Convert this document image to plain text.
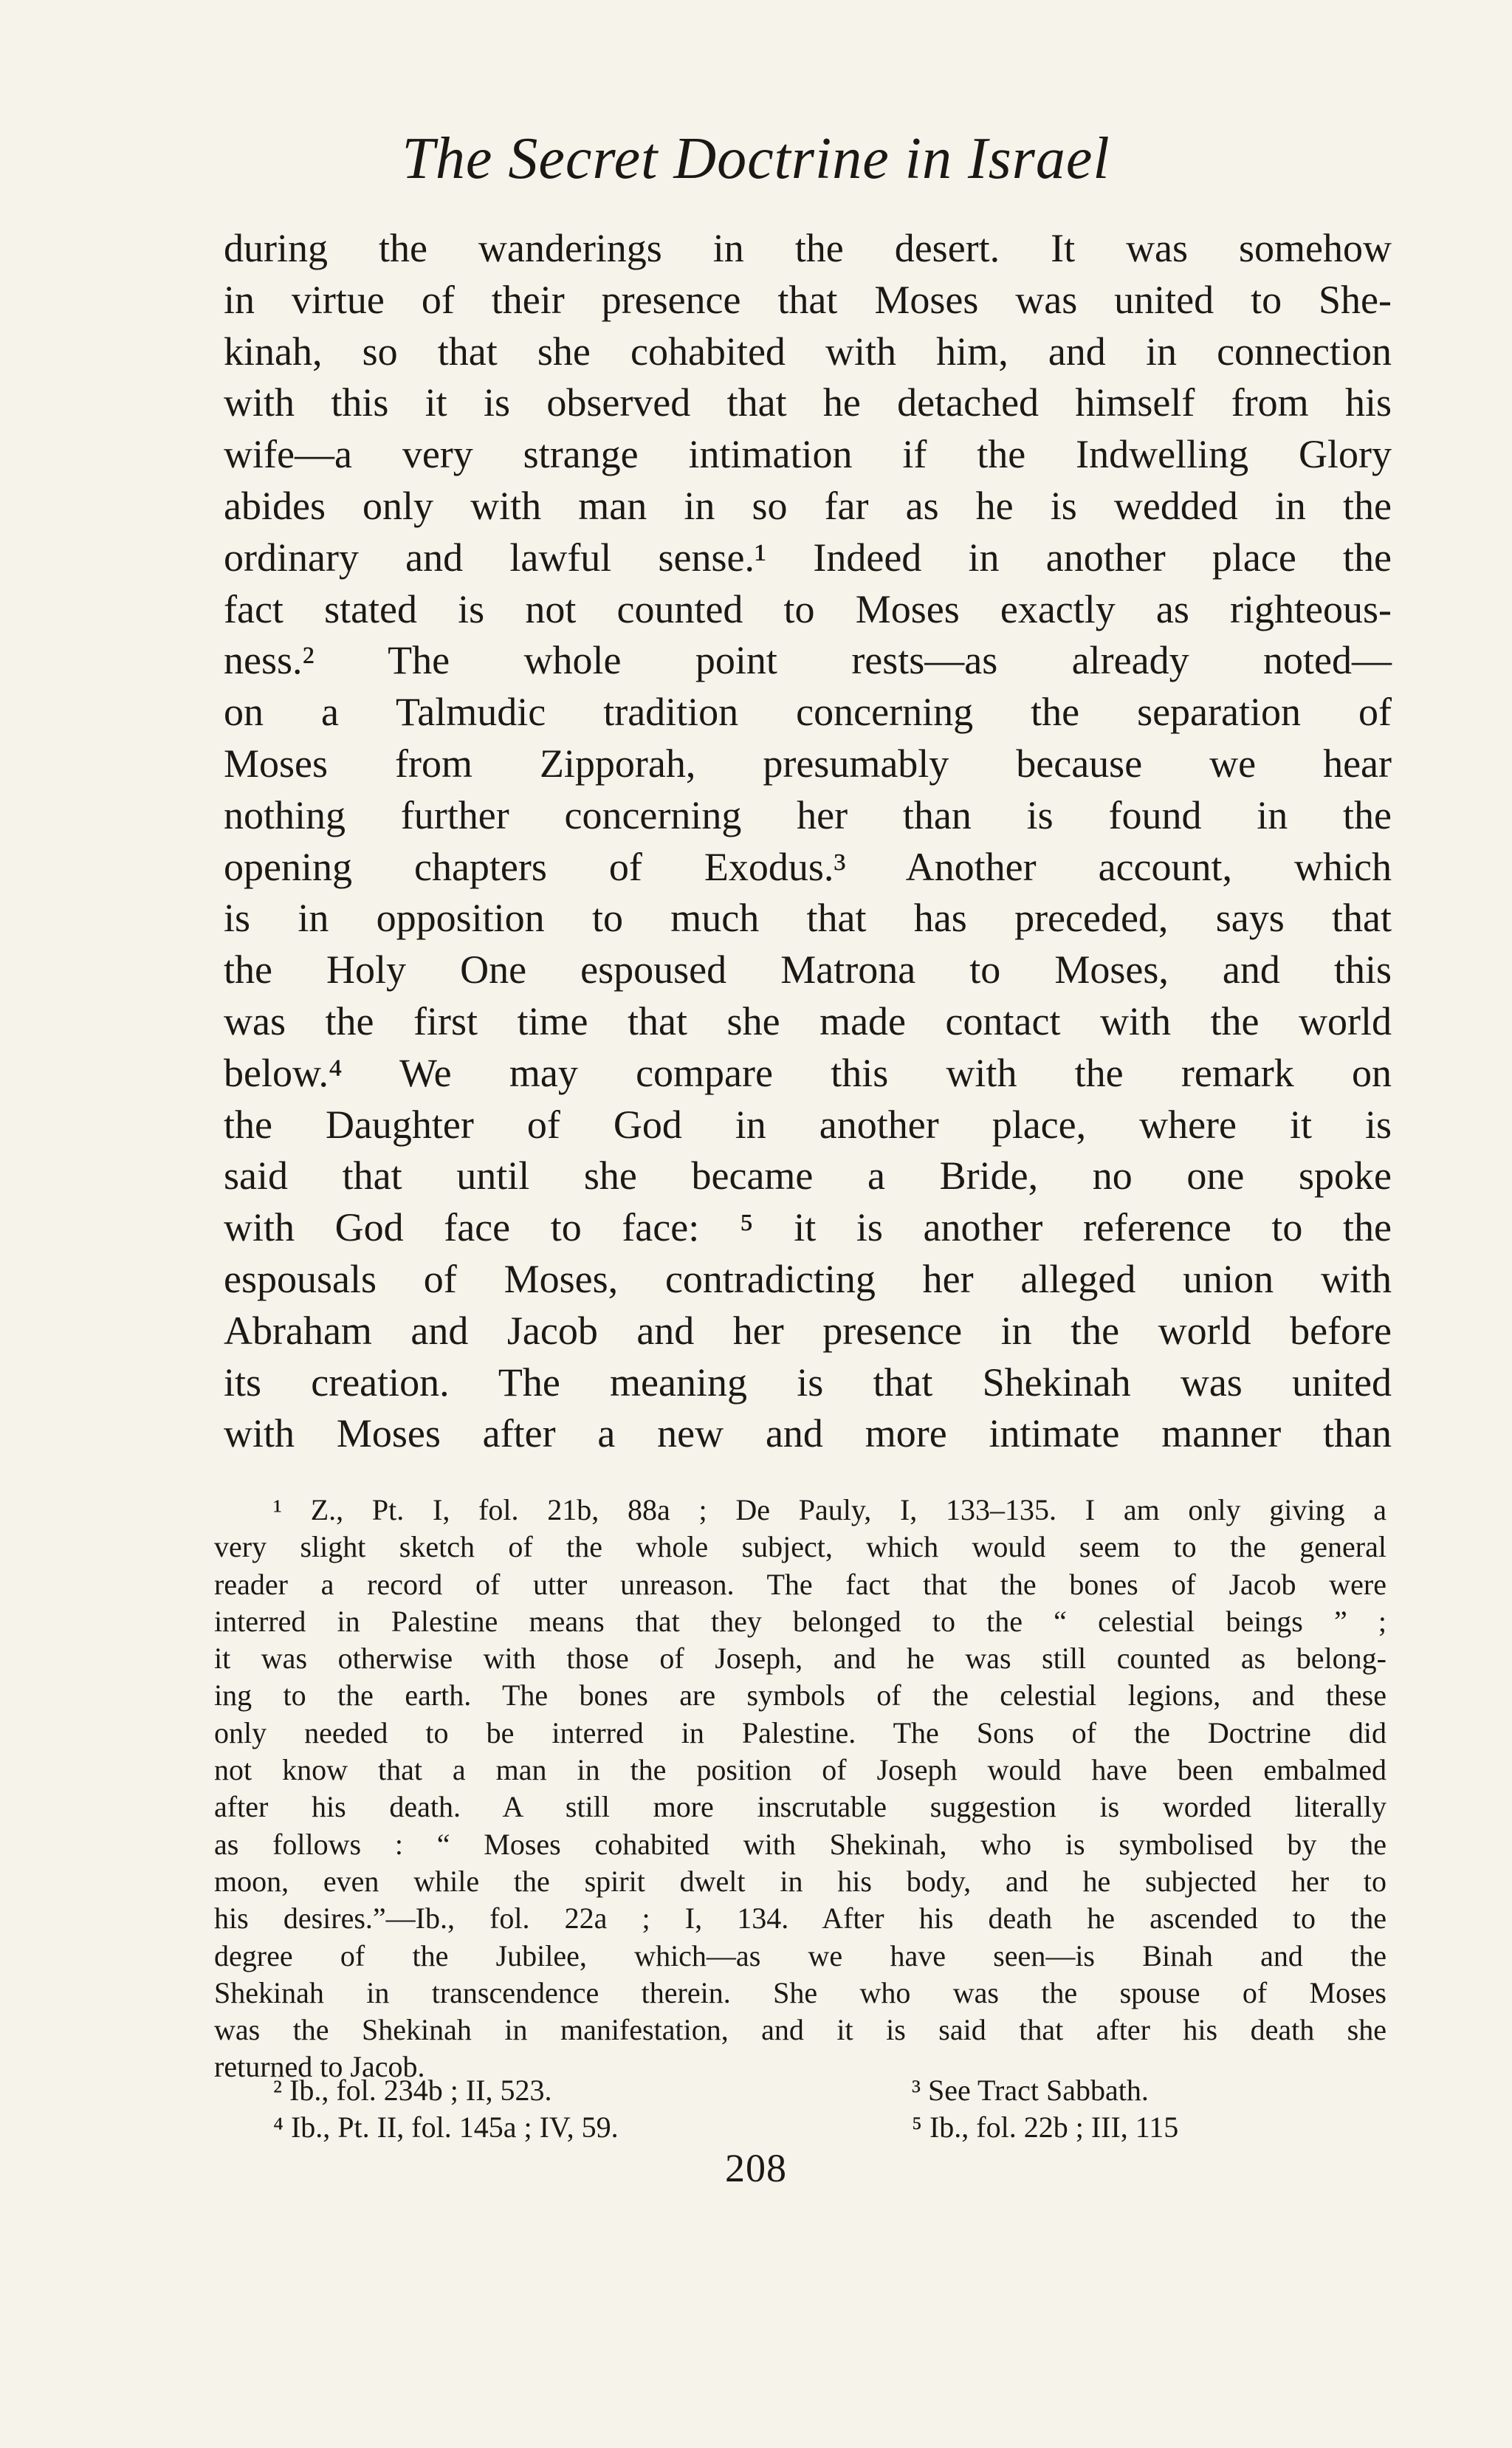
The Secret Doctrine in Israel
during the wanderings in the desert. It was somehow
in virtue of their presence that Moses was united to She-
kinah, so that she cohabited with him, and in connection
with this it is observed that he detached himself from his
wife—a very strange intimation if the Indwelling Glory
abides only with man in so far as he is wedded in the
ordinary and lawful sense.¹ Indeed in another place the
fact stated is not counted to Moses exactly as righteous-
ness.² The whole point rests—as already noted—
on a Talmudic tradition concerning the separation of
Moses from Zipporah, presumably because we hear
nothing further concerning her than is found in the
opening chapters of Exodus.³ Another account, which
is in opposition to much that has preceded, says that
the Holy One espoused Matrona to Moses, and this
was the first time that she made contact with the world
below.⁴ We may compare this with the remark on
the Daughter of God in another place, where it is
said that until she became a Bride, no one spoke
with God face to face: ⁵ it is another reference to the
espousals of Moses, contradicting her alleged union with
Abraham and Jacob and her presence in the world before
its creation. The meaning is that Shekinah was united
with Moses after a new and more intimate manner than
¹ Z., Pt. I, fol. 21b, 88a ; De Pauly, I, 133–135. I am only giving a
very slight sketch of the whole subject, which would seem to the general
reader a record of utter unreason. The fact that the bones of Jacob were
interred in Palestine means that they belonged to the “ celestial beings ” ;
it was otherwise with those of Joseph, and he was still counted as belong-
ing to the earth. The bones are symbols of the celestial legions, and these
only needed to be interred in Palestine. The Sons of the Doctrine did
not know that a man in the position of Joseph would have been embalmed
after his death. A still more inscrutable suggestion is worded literally
as follows : “ Moses cohabited with Shekinah, who is symbolised by the
moon, even while the spirit dwelt in his body, and he subjected her to
his desires.”—Ib., fol. 22a ; I, 134. After his death he ascended to the
degree of the Jubilee, which—as we have seen—is Binah and the
Shekinah in transcendence therein. She who was the spouse of Moses
was the Shekinah in manifestation, and it is said that after his death she
returned to Jacob.
² Ib., fol. 234b ; II, 523.	³ See Tract Sabbath.
⁴ Ib., Pt. II, fol. 145a ; IV, 59.	⁵ Ib., fol. 22b ; III, 115
208
